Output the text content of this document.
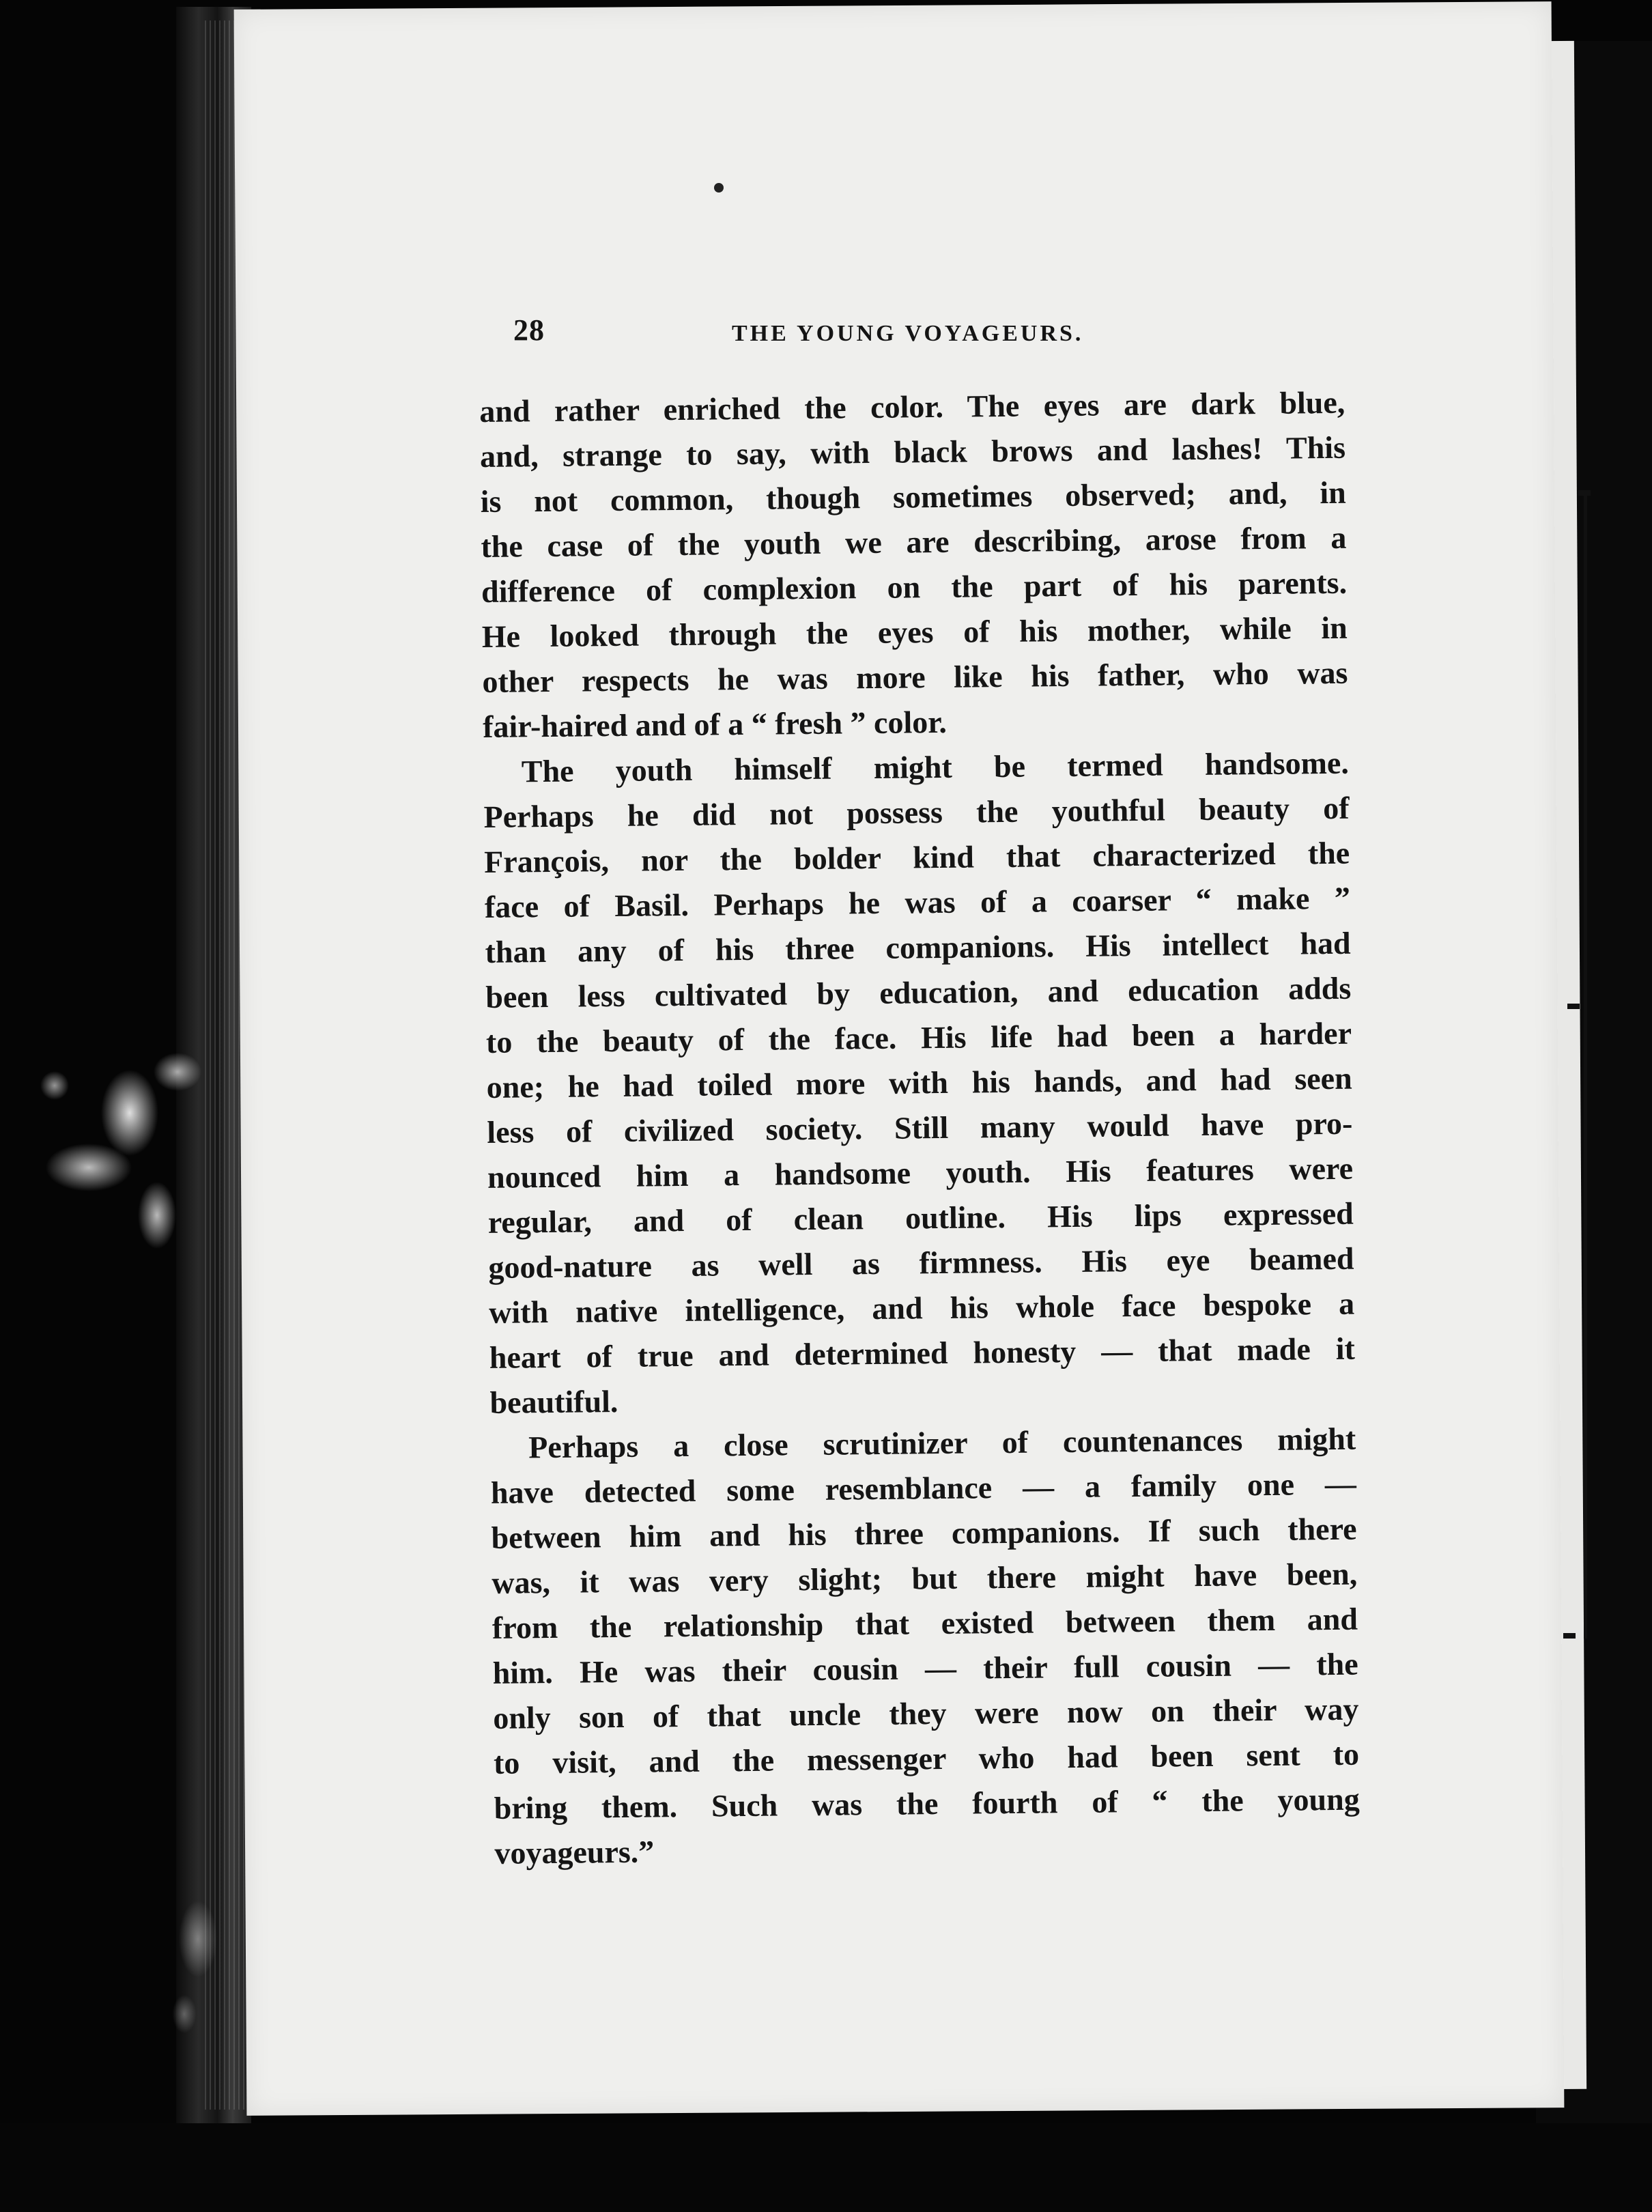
28	THE YOUNG VOYAGEURS.
and rather enriched the color. The eyes are dark blue,
and, strange to say, with black brows and lashes! This
is not common, though sometimes observed; and, in
the case of the youth we are describing, arose from a
difference of complexion on the part of his parents.
He looked through the eyes of his mother, while in
other respects he was more like his father, who was
fair-haired and of a “ fresh ” color.
The youth himself might be termed handsome.
Perhaps he did not possess the youthful beauty of
François, nor the bolder kind that characterized the
face of Basil. Perhaps he was of a coarser “ make ”
than any of his three companions. His intellect had
been less cultivated by education, and education adds
to the beauty of the face. His life had been a harder
one; he had toiled more with his hands, and had seen
less of civilized society. Still many would have pro-
nounced him a handsome youth. His features were
regular, and of clean outline. His lips expressed
good-nature as well as firmness. His eye beamed
with native intelligence, and his whole face bespoke a
heart of true and determined honesty — that made it
beautiful.
Perhaps a close scrutinizer of countenances might
have detected some resemblance — a family one —
between him and his three companions. If such there
was, it was very slight; but there might have been,
from the relationship that existed between them and
him. He was their cousin — their full cousin — the
only son of that uncle they were now on their way
to visit, and the messenger who had been sent to
bring them. Such was the fourth of “ the young
voyageurs.”
